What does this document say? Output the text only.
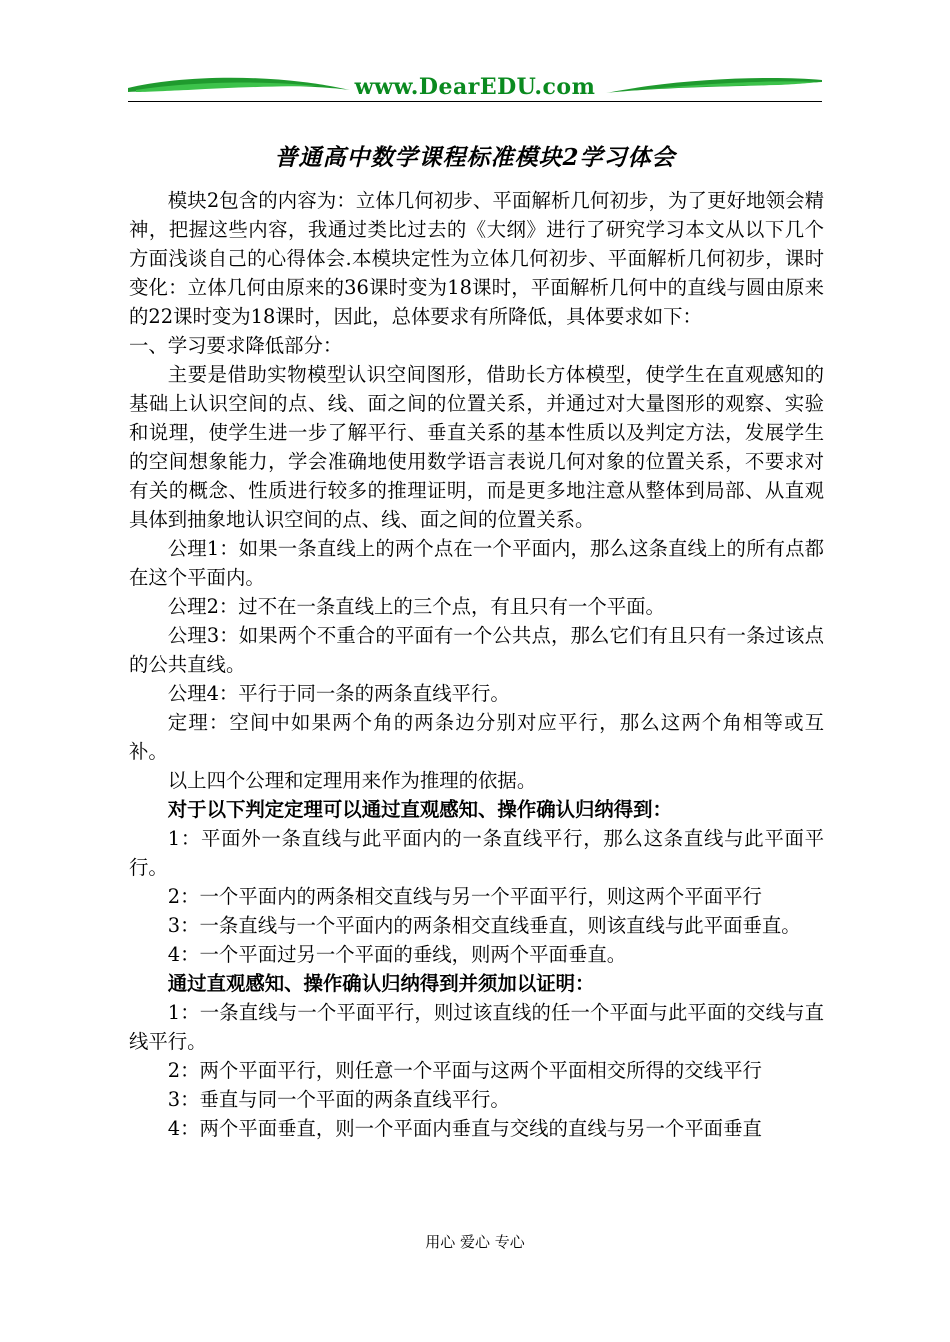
www.DearEDU.com
普通高中数学课程标准模块2学习体会

模块2包含的内容为：立体几何初步、平面解析几何初步，为了更好地领会精神，把握这些内容，我通过类比过去的《大纲》进行了研究学习本文从以下几个方面浅谈自己的心得体会.本模块定性为立体几何初步、平面解析几何初步，课时变化：立体几何由原来的36课时变为18课时，平面解析几何中的直线与圆由原来的22课时变为18课时，因此，总体要求有所降低，具体要求如下：

一、学习要求降低部分：

主要是借助实物模型认识空间图形，借助长方体模型，使学生在直观感知的基础上认识空间的点、线、面之间的位置关系，并通过对大量图形的观察、实验和说理，使学生进一步了解平行、垂直关系的基本性质以及判定方法，发展学生的空间想象能力，学会准确地使用数学语言表说几何对象的位置关系，不要求对有关的概念、性质进行较多的推理证明，而是更多地注意从整体到局部、从直观具体到抽象地认识空间的点、线、面之间的位置关系。

公理1：如果一条直线上的两个点在一个平面内，那么这条直线上的所有点都在这个平面内。

公理2：过不在一条直线上的三个点，有且只有一个平面。

公理3：如果两个不重合的平面有一个公共点，那么它们有且只有一条过该点的公共直线。

公理4：平行于同一条的两条直线平行。

定理：空间中如果两个角的两条边分别对应平行，那么这两个角相等或互补。

以上四个公理和定理用来作为推理的依据。

对于以下判定定理可以通过直观感知、操作确认归纳得到：

1：平面外一条直线与此平面内的一条直线平行，那么这条直线与此平面平行。

2：一个平面内的两条相交直线与另一个平面平行，则这两个平面平行

3：一条直线与一个平面内的两条相交直线垂直，则该直线与此平面垂直。

4：一个平面过另一个平面的垂线，则两个平面垂直。

通过直观感知、操作确认归纳得到并须加以证明：

1：一条直线与一个平面平行，则过该直线的任一个平面与此平面的交线与直线平行。

2：两个平面平行，则任意一个平面与这两个平面相交所得的交线平行

3：垂直与同一个平面的两条直线平行。

4：两个平面垂直，则一个平面内垂直与交线的直线与另一个平面垂直

用心 爱心 专心
